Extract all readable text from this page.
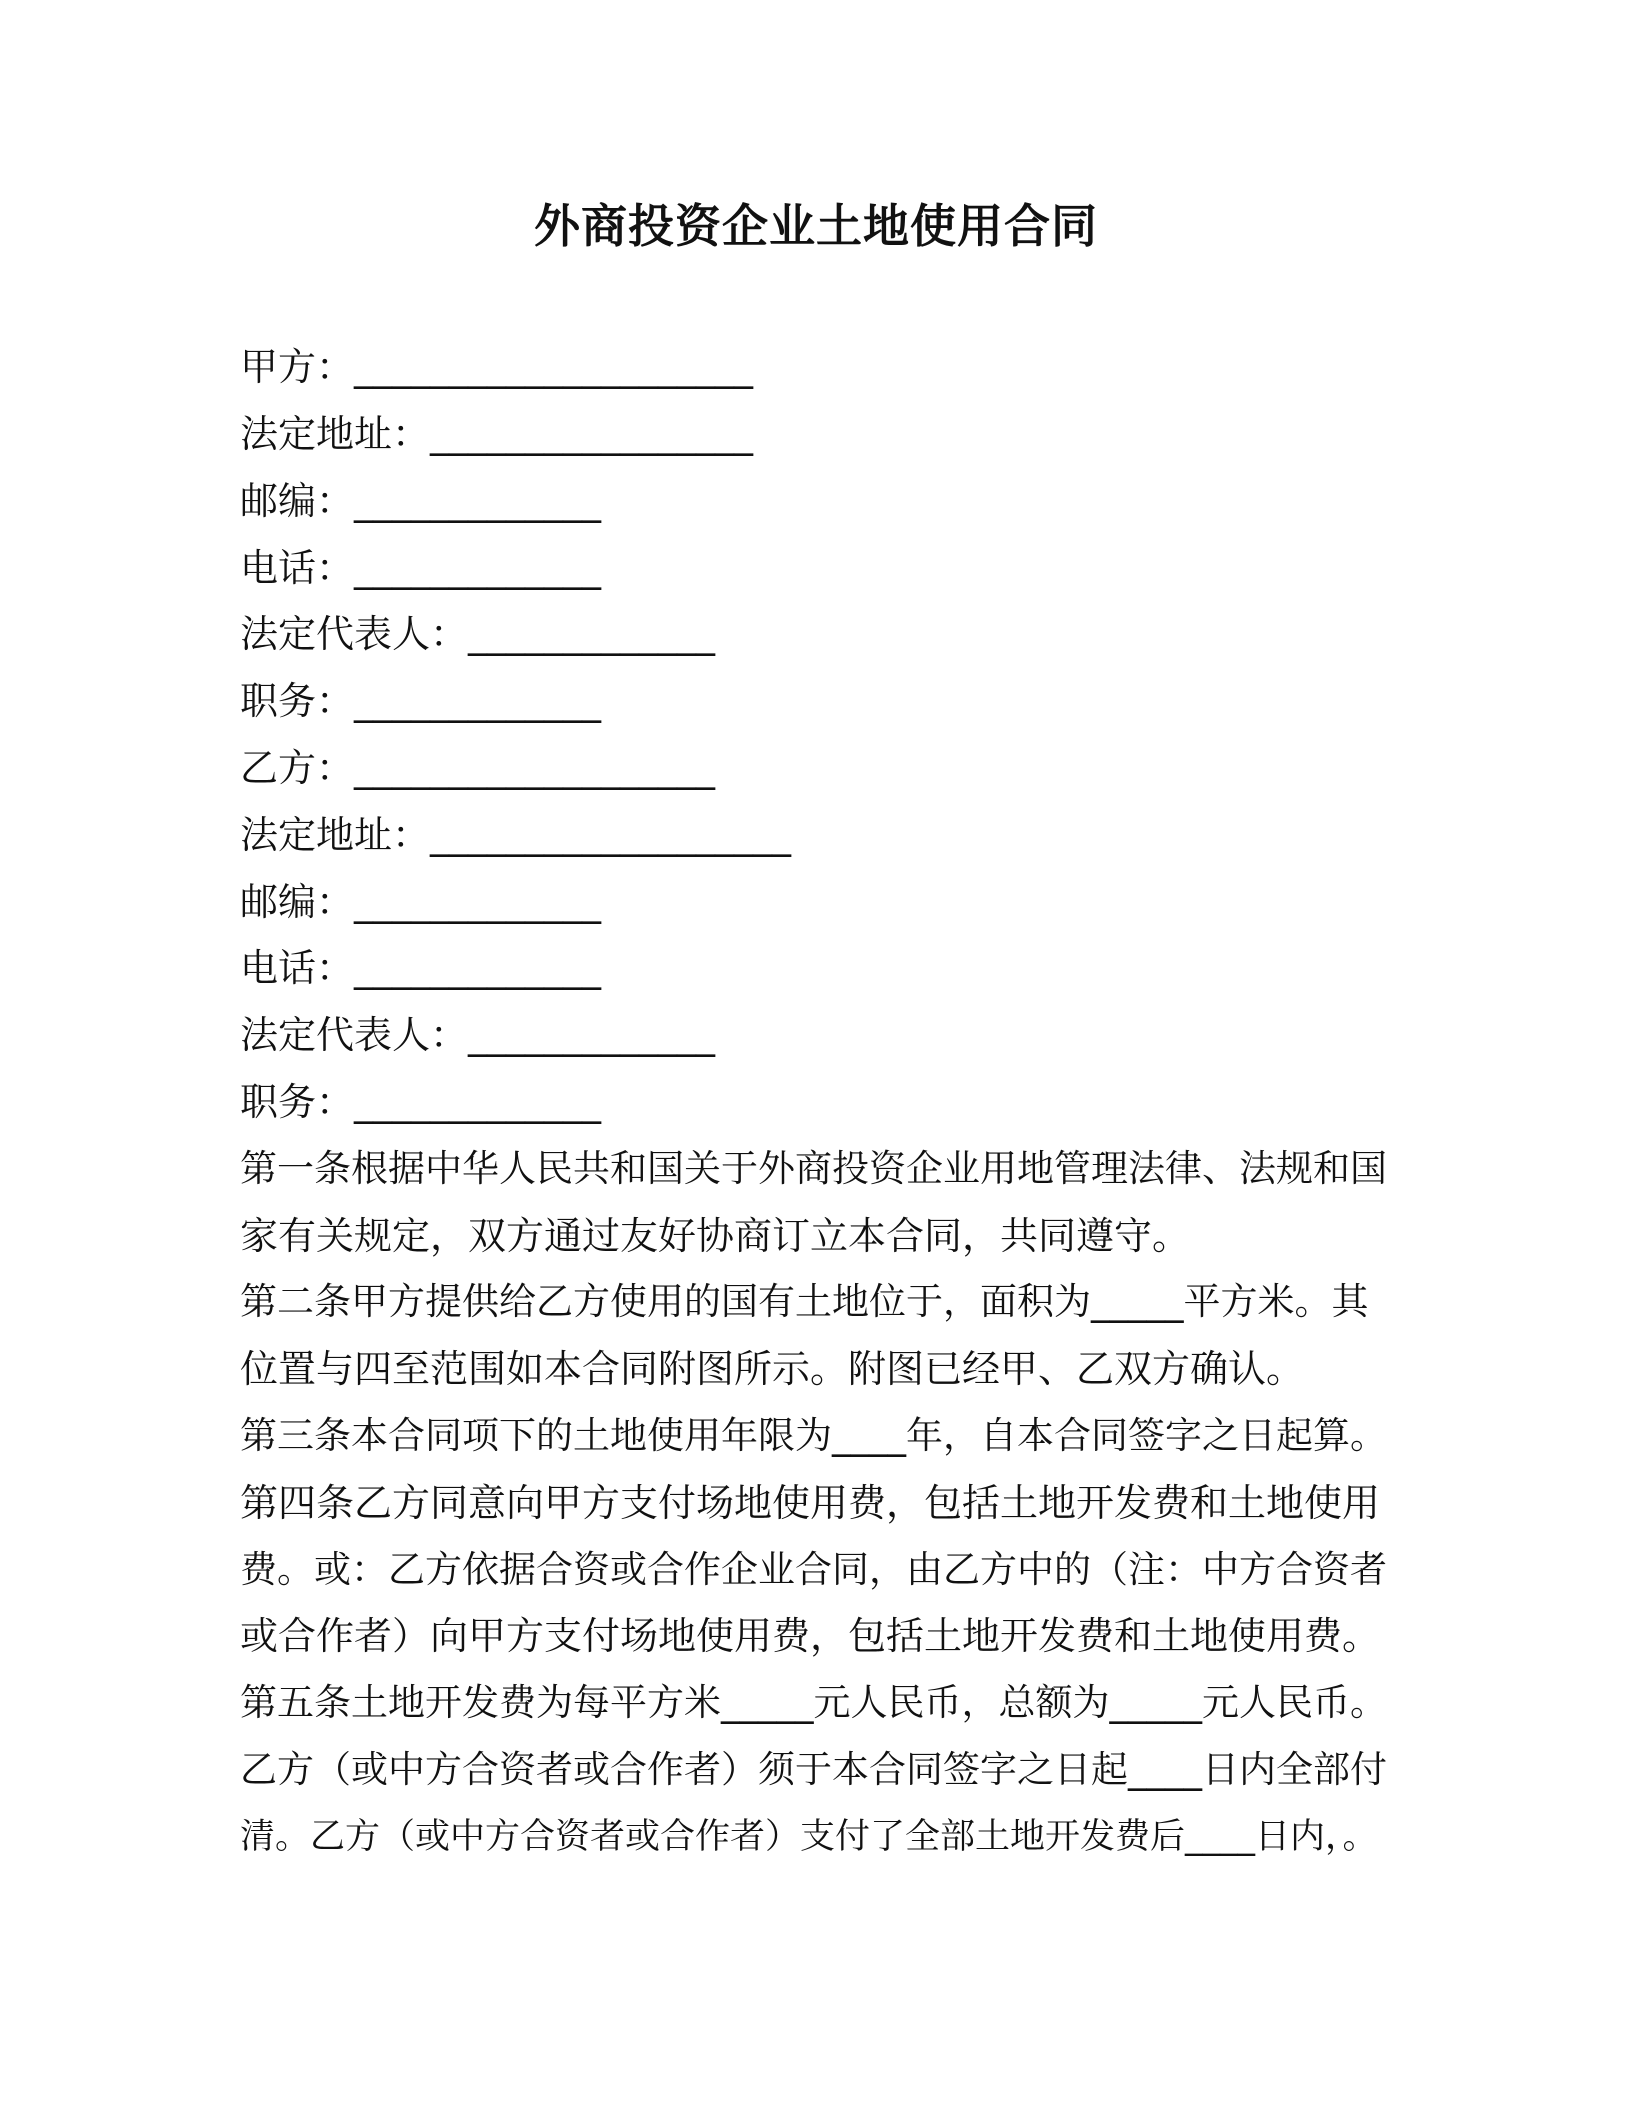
外商投资企业土地使用合同
甲方：_____________________
法定地址：_________________
邮编：_____________
电话：_____________
法定代表人：_____________
职务：_____________
乙方：___________________
法定地址：___________________
邮编：_____________
电话：_____________
法定代表人：_____________
职务：_____________
第一条根据中华人民共和国关于外商投资企业用地管理法律、法规和国
家有关规定，双方通过友好协商订立本合同，共同遵守。
第二条甲方提供给乙方使用的国有土地位于，面积为_____平方米。其
位置与四至范围如本合同附图所示。附图已经甲、乙双方确认。
第三条本合同项下的土地使用年限为____年，自本合同签字之日起算。
第四条乙方同意向甲方支付场地使用费，包括土地开发费和土地使用
费。或：乙方依据合资或合作企业合同，由乙方中的（注：中方合资者
或合作者）向甲方支付场地使用费，包括土地开发费和土地使用费。
第五条土地开发费为每平方米_____元人民币，总额为_____元人民币。
乙方（或中方合资者或合作者）须于本合同签字之日起____日内全部付
清。乙方（或中方合资者或合作者）支付了全部土地开发费后____日内，。
